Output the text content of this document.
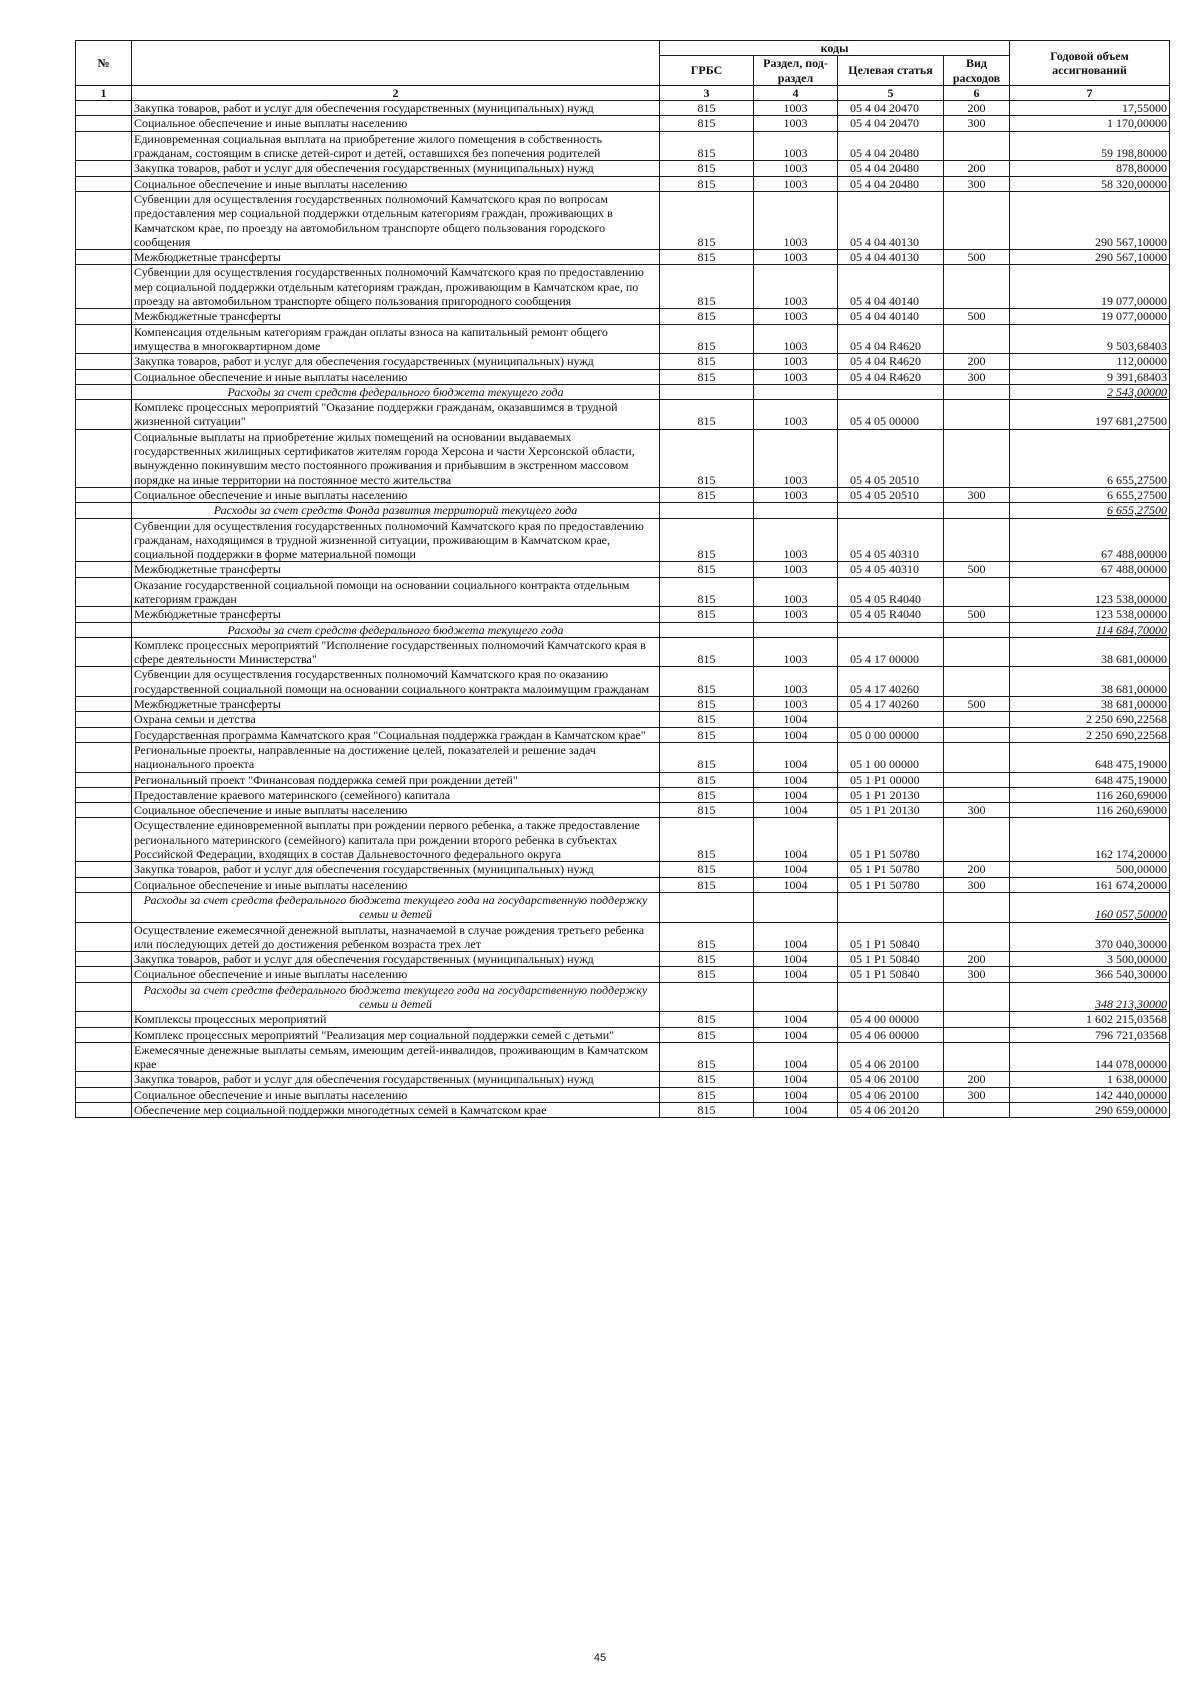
№		коды				Годовой объем ассигнований
		ГРБС	Раздел, под-раздел	Целевая статья	Вид расходов	
1	2	3	4	5	6	7
	Закупка товаров, работ и услуг для обеспечения государственных (муниципальных) нужд	815	1003	05 4 04 20470	200	17,55000
	Социальное обеспечение и иные выплаты населению	815	1003	05 4 04 20470	300	1 170,00000
	Единовременная социальная выплата на приобретение жилого помещения в собственность гражданам, состоящим в списке детей-сирот и детей, оставшихся без попечения родителей	815	1003	05 4 04 20480		59 198,80000
	Закупка товаров, работ и услуг для обеспечения государственных (муниципальных) нужд	815	1003	05 4 04 20480	200	878,80000
	Социальное обеспечение и иные выплаты населению	815	1003	05 4 04 20480	300	58 320,00000
	Субвенции для осуществления государственных полномочий Камчатского края по вопросам предоставления мер социальной поддержки отдельным категориям граждан, проживающих в Камчатском крае, по проезду на автомобильном транспорте общего пользования городского сообщения	815	1003	05 4 04 40130		290 567,10000
	Межбюджетные трансферты	815	1003	05 4 04 40130	500	290 567,10000
	Субвенции для осуществления государственных полномочий Камчатского края по предоставлению мер социальной поддержки отдельным категориям граждан, проживающим в Камчатском крае, по проезду на автомобильном транспорте общего пользования пригородного сообщения	815	1003	05 4 04 40140		19 077,00000
	Межбюджетные трансферты	815	1003	05 4 04 40140	500	19 077,00000
	Компенсация отдельным категориям граждан оплаты взноса на капитальный ремонт общего имущества в многоквартирном доме	815	1003	05 4 04 R4620		9 503,68403
	Закупка товаров, работ и услуг для обеспечения государственных (муниципальных) нужд	815	1003	05 4 04 R4620	200	112,00000
	Социальное обеспечение и иные выплаты населению	815	1003	05 4 04 R4620	300	9 391,68403
	Расходы за счет средств федерального бюджета текущего года					2 543,00000
	Комплекс процессных мероприятий "Оказание поддержки гражданам, оказавшимся в трудной жизненной ситуации"	815	1003	05 4 05 00000		197 681,27500
	Социальные выплаты на приобретение жилых помещений на основании выдаваемых государственных жилищных сертификатов жителям города Херсона и части Херсонской области, вынужденно покинувшим место постоянного проживания и прибывшим в экстренном массовом порядке на иные территории на постоянное место жительства	815	1003	05 4 05 20510		6 655,27500
	Социальное обеспечение и иные выплаты населению	815	1003	05 4 05 20510	300	6 655,27500
	Расходы за счет средств Фонда развития территорий текущего года					6 655,27500
	Субвенции для осуществления государственных полномочий Камчатского края по предоставлению гражданам, находящимся в трудной жизненной ситуации, проживающим в Камчатском крае, социальной поддержки в форме материальной помощи	815	1003	05 4 05 40310		67 488,00000
	Межбюджетные трансферты	815	1003	05 4 05 40310	500	67 488,00000
	Оказание государственной социальной помощи на основании социального контракта отдельным категориям граждан	815	1003	05 4 05 R4040		123 538,00000
	Межбюджетные трансферты	815	1003	05 4 05 R4040	500	123 538,00000
	Расходы за счет средств федерального бюджета текущего года					114 684,70000
	Комплекс процессных мероприятий "Исполнение государственных полномочий Камчатского края в сфере деятельности Министерства"	815	1003	05 4 17 00000		38 681,00000
	Субвенции для осуществления государственных полномочий Камчатского края по оказанию государственной социальной помощи на основании социального контракта малоимущим гражданам	815	1003	05 4 17 40260		38 681,00000
	Межбюджетные трансферты	815	1003	05 4 17 40260	500	38 681,00000
	Охрана семьи и детства	815	1004			2 250 690,22568
	Государственная программа Камчатского края "Социальная поддержка граждан в Камчатском крае"	815	1004	05 0 00 00000		2 250 690,22568
	Региональные проекты, направленные на достижение целей, показателей и решение задач национального проекта	815	1004	05 1 00 00000		648 475,19000
	Региональный проект "Финансовая поддержка семей при рождении детей"	815	1004	05 1 P1 00000		648 475,19000
	Предоставление краевого материнского (семейного) капитала	815	1004	05 1 P1 20130		116 260,69000
	Социальное обеспечение и иные выплаты населению	815	1004	05 1 P1 20130	300	116 260,69000
	Осуществление единовременной выплаты при рождении первого ребенка, а также предоставление регионального материнского (семейного) капитала при рождении второго ребенка в субъектах Российской Федерации, входящих в состав Дальневосточного федерального округа	815	1004	05 1 P1 50780		162 174,20000
	Закупка товаров, работ и услуг для обеспечения государственных (муниципальных) нужд	815	1004	05 1 P1 50780	200	500,00000
	Социальное обеспечение и иные выплаты населению	815	1004	05 1 P1 50780	300	161 674,20000
	Расходы за счет средств федерального бюджета текущего года на государственную поддержку семьи и детей					160 057,50000
	Осуществление ежемесячной денежной выплаты, назначаемой в случае рождения третьего ребенка или последующих детей до достижения ребенком возраста трех лет	815	1004	05 1 P1 50840		370 040,30000
	Закупка товаров, работ и услуг для обеспечения государственных (муниципальных) нужд	815	1004	05 1 P1 50840	200	3 500,00000
	Социальное обеспечение и иные выплаты населению	815	1004	05 1 P1 50840	300	366 540,30000
	Расходы за счет средств федерального бюджета текущего года на государственную поддержку семьи и детей					348 213,30000
	Комплексы процессных мероприятий	815	1004	05 4 00 00000		1 602 215,03568
	Комплекс процессных мероприятий "Реализация мер социальной поддержки семей с детьми"	815	1004	05 4 06 00000		796 721,03568
	Ежемесячные денежные выплаты семьям, имеющим детей-инвалидов, проживающим в Камчатском крае	815	1004	05 4 06 20100		144 078,00000
	Закупка товаров, работ и услуг для обеспечения государственных (муниципальных) нужд	815	1004	05 4 06 20100	200	1 638,00000
	Социальное обеспечение и иные выплаты населению	815	1004	05 4 06 20100	300	142 440,00000
	Обеспечение мер социальной поддержки многодетных семей в Камчатском крае	815	1004	05 4 06 20120		290 659,00000
45
